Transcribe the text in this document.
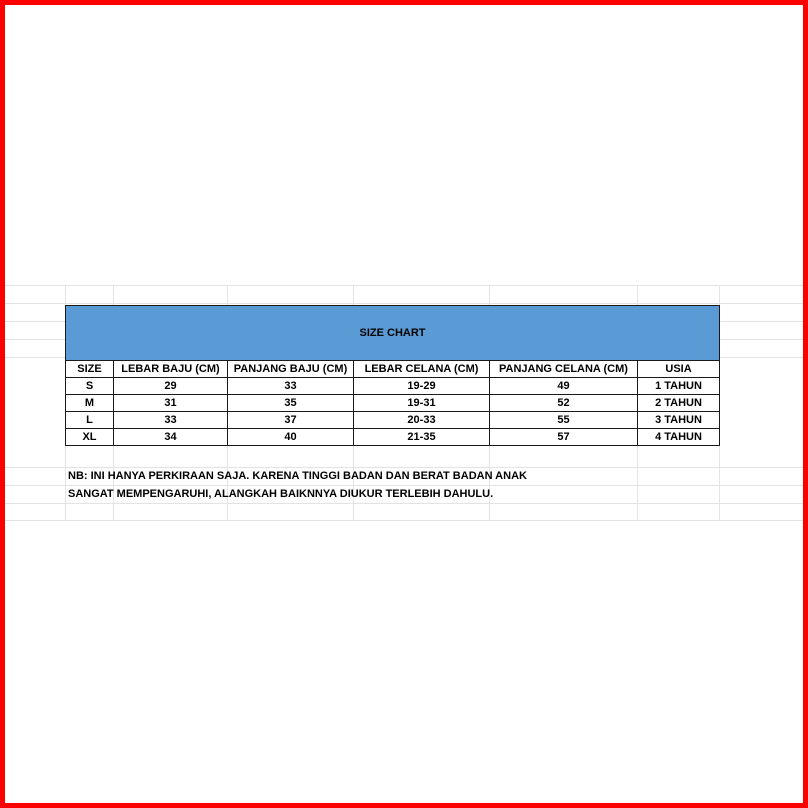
SIZE CHART					
SIZE	LEBAR BAJU (CM)	PANJANG BAJU (CM)	LEBAR CELANA (CM)	PANJANG CELANA (CM)	USIA
S	29	33	19-29	49	1 TAHUN
M	31	35	19-31	52	2 TAHUN
L	33	37	20-33	55	3 TAHUN
XL	34	40	21-35	57	4 TAHUN
NB: INI HANYA PERKIRAAN SAJA. KARENA TINGGI BADAN DAN BERAT BADAN ANAK
SANGAT MEMPENGARUHI, ALANGKAH BAIKNNYA DIUKUR TERLEBIH DAHULU.
